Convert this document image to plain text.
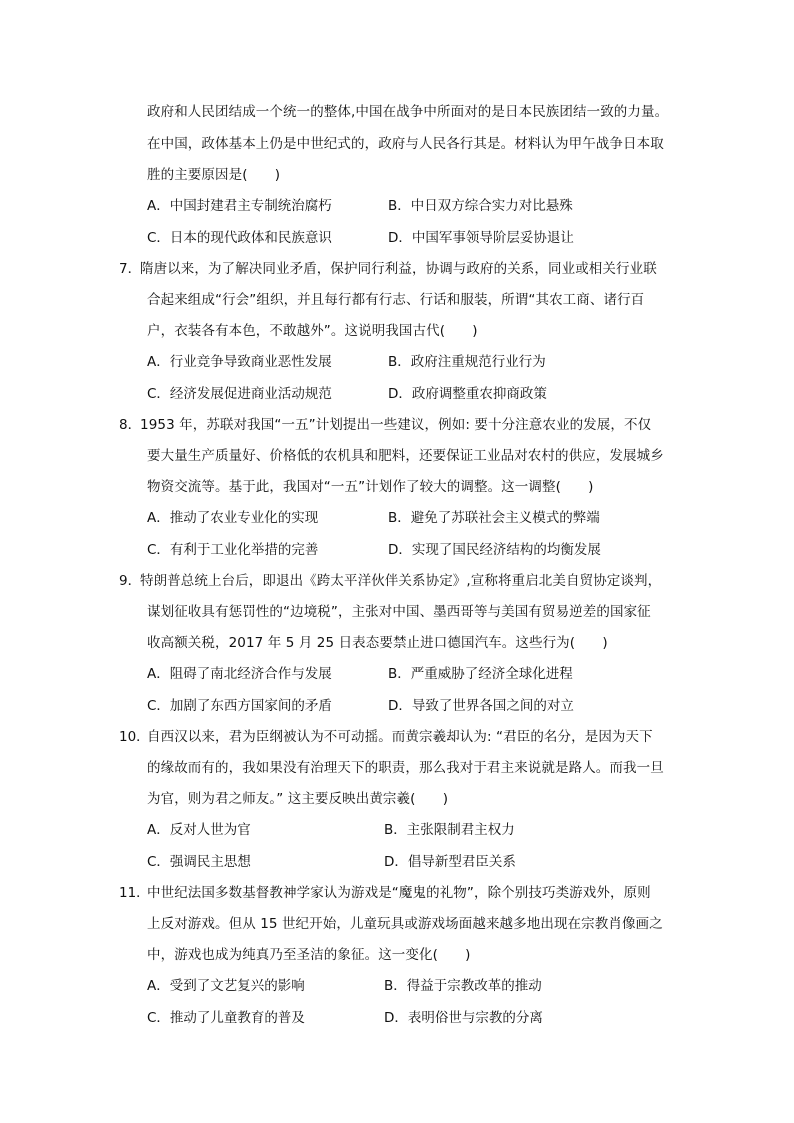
政府和人民团结成一个统一的整体,中国在战争中所面对的是日本民族团结一致的力量。
在中国，政体基本上仍是中世纪式的，政府与人民各行其是。材料认为甲午战争日本取
胜的主要原因是(　　)
A．中国封建君主专制统治腐朽	B．中日双方综合实力对比悬殊
C．日本的现代政体和民族意识	D．中国军事领导阶层妥协退让
7．
隋唐以来，为了解决同业矛盾，保护同行利益，协调与政府的关系，同业或相关行业联
合起来组成“行会”组织，并且每行都有行志、行话和服装，所谓“其农工商、诸行百
户，衣装各有本色，不敢越外”。这说明我国古代(　　)
A．行业竞争导致商业恶性发展	B．政府注重规范行业行为
C．经济发展促进商业活动规范	D．政府调整重农抑商政策
8．
1953 年，苏联对我国“一五”计划提出一些建议，例如: 要十分注意农业的发展，不仅
要大量生产质量好、价格低的农机具和肥料，还要保证工业品对农村的供应，发展城乡
物资交流等。基于此，我国对“一五”计划作了较大的调整。这一调整(　　)
A．推动了农业专业化的实现	B．避免了苏联社会主义模式的弊端
C．有利于工业化举措的完善	D．实现了国民经济结构的均衡发展
9．
特朗普总统上台后，即退出《跨太平洋伙伴关系协定》,宣称将重启北美自贸协定谈判，
谋划征收具有惩罚性的“边境税”，主张对中国、墨西哥等与美国有贸易逆差的国家征
收高额关税，2017 年 5 月 25 日表态要禁止进口德国汽车。这些行为(　　)
A．阻碍了南北经济合作与发展	B．严重威胁了经济全球化进程
C．加剧了东西方国家间的矛盾	D．导致了世界各国之间的对立
10．
自西汉以来，君为臣纲被认为不可动摇。而黄宗羲却认为: “君臣的名分，是因为天下
的缘故而有的，我如果没有治理天下的职责，那么我对于君主来说就是路人。而我一旦
为官，则为君之师友。” 这主要反映出黄宗羲(　　)
A．反对人世为官	B．主张限制君主权力
C．强调民主思想	D．倡导新型君臣关系
11．
中世纪法国多数基督教神学家认为游戏是“魔鬼的礼物”，除个别技巧类游戏外，原则
上反对游戏。但从 15 世纪开始，儿童玩具或游戏场面越来越多地出现在宗教肖像画之
中，游戏也成为纯真乃至圣洁的象征。这一变化(　　)
A．受到了文艺复兴的影响	B．得益于宗教改革的推动
C．推动了儿童教育的普及	D．表明俗世与宗教的分离
